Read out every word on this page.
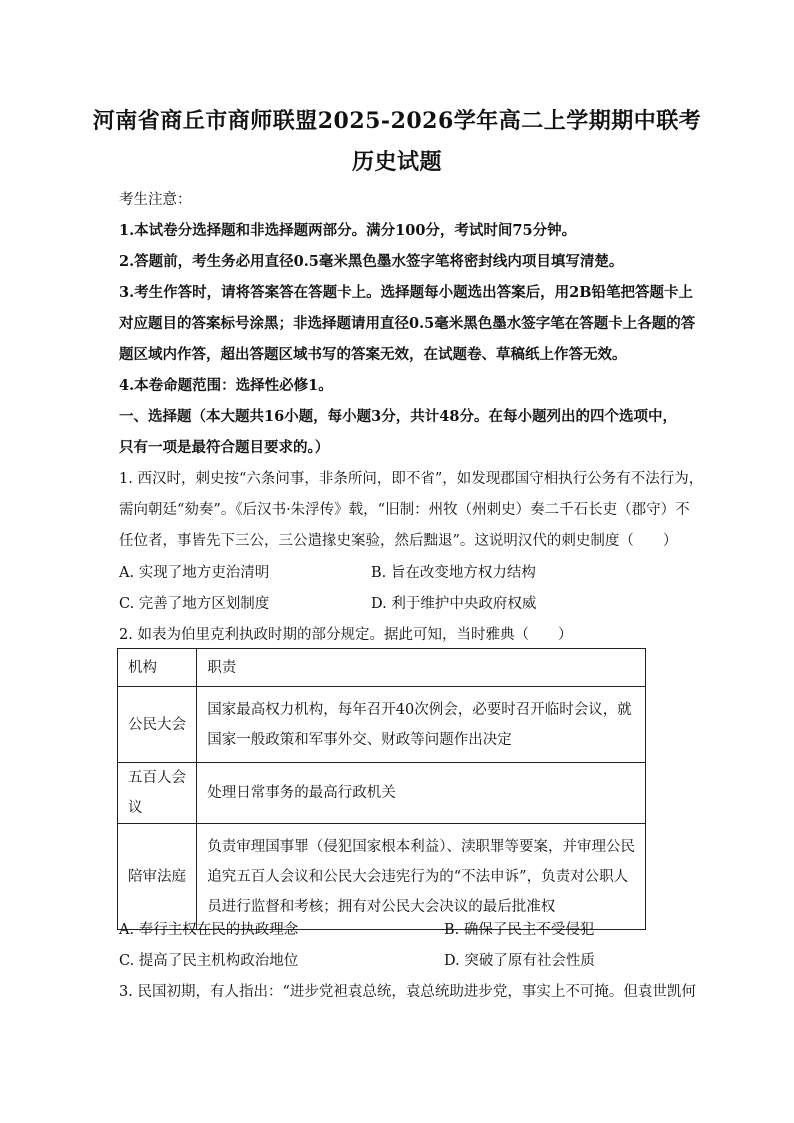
河南省商丘市商师联盟2025-2026学年高二上学期期中联考
历史试题
考生注意：
1.本试卷分选择题和非选择题两部分。满分100分，考试时间75分钟。
2.答题前，考生务必用直径0.5毫米黑色墨水签字笔将密封线内项目填写清楚。
3.考生作答时，请将答案答在答题卡上。选择题每小题选出答案后，用2B铅笔把答题卡上
对应题目的答案标号涂黑；非选择题请用直径0.5毫米黑色墨水签字笔在答题卡上各题的答
题区域内作答，超出答题区域书写的答案无效，在试题卷、草稿纸上作答无效。
4.本卷命题范围：选择性必修1。
一、选择题（本大题共16小题，每小题3分，共计48分。在每小题列出的四个选项中，
只有一项是最符合题目要求的。）
1. 西汉时，刺史按“六条问事，非条所问，即不省”，如发现郡国守相执行公务有不法行为，
需向朝廷“劾奏”。《后汉书·朱浮传》载，“旧制：州牧（州刺史）奏二千石长吏（郡守）不
任位者，事皆先下三公，三公遣掾史案验，然后黜退”。这说明汉代的刺史制度（　　）
A. 实现了地方吏治清明	B. 旨在改变地方权力结构
C. 完善了地方区划制度	D. 利于维护中央政府权威
2. 如表为伯里克利执政时期的部分规定。据此可知，当时雅典（　　）
机构	职责
公民大会	国家最高权力机构，每年召开40次例会，必要时召开临时会议，就
国家一般政策和军事外交、财政等问题作出决定

五百人会议	处理日常事务的最高行政机关

陪审法庭	负责审理国事罪（侵犯国家根本利益）、渎职罪等要案，并审理公民
追究五百人会议和公民大会违宪行为的“不法申诉”，负责对公职人
员进行监督和考核；拥有对公民大会决议的最后批准权
A. 奉行主权在民的执政理念	B. 确保了民主不受侵犯
C. 提高了民主机构政治地位	D. 突破了原有社会性质
3. 民国初期，有人指出：“进步党袒袁总统，袁总统助进步党，事实上不可掩。但袁世凯何
